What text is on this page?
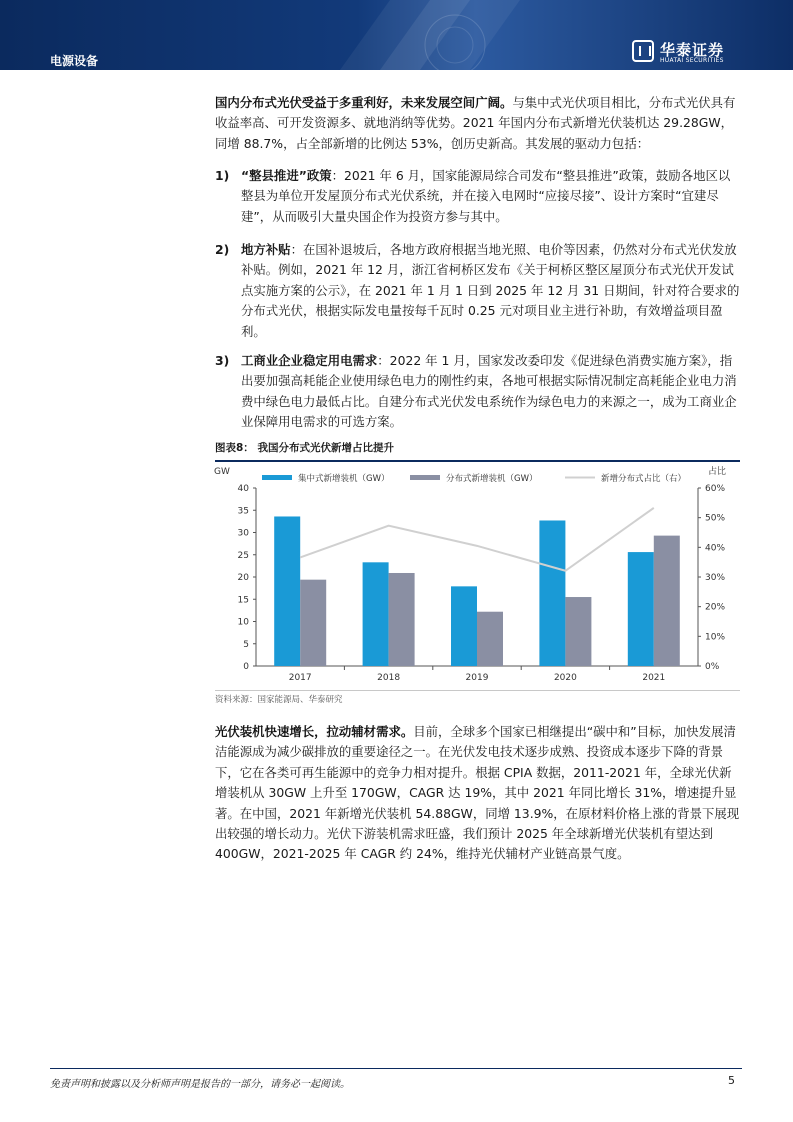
电源设备
华泰证券
HUATAI SECURITIES
国内分布式光伏受益于多重利好，未来发展空间广阔。与集中式光伏项目相比，分布式光伏具有收益率高、可开发资源多、就地消纳等优势。2021 年国内分布式新增光伏装机达 29.28GW，同增 88.7%，占全部新增的比例达 53%，创历史新高。其发展的驱动力包括：
1) “整县推进”政策：2021 年 6 月，国家能源局综合司发布“整县推进”政策，鼓励各地区以整县为单位开发屋顶分布式光伏系统，并在接入电网时“应接尽接”、设计方案时“宜建尽建”，从而吸引大量央国企作为投资方参与其中。
2) 地方补贴：在国补退坡后，各地方政府根据当地光照、电价等因素，仍然对分布式光伏发放补贴。例如，2021 年 12 月，浙江省柯桥区发布《关于柯桥区整区屋顶分布式光伏开发试点实施方案的公示》，在 2021 年 1 月 1 日到 2025 年 12 月 31 日期间，针对符合要求的分布式光伏，根据实际发电量按每千瓦时 0.25 元对项目业主进行补助，有效增益项目盈利。
3) 工商业企业稳定用电需求：2022 年 1 月，国家发改委印发《促进绿色消费实施方案》，指出要加强高耗能企业使用绿色电力的刚性约束，各地可根据实际情况制定高耗能企业电力消费中绿色电力最低占比。自建分布式光伏发电系统作为绿色电力的来源之一，成为工商业企业保障用电需求的可选方案。
图表8： 我国分布式光伏新增占比提升
集中式新增装机（GW）	分布式新增装机（GW）	新增分布式占比（右）
GW	占比
0
5
10
15
20
25
30
35
40
0%
10%
20%
30%
40%
50%
60%
2017	2018	2019	2020	2021
资料来源：国家能源局、华泰研究
光伏装机快速增长，拉动辅材需求。目前，全球多个国家已相继提出“碳中和”目标，加快发展清洁能源成为减少碳排放的重要途径之一。在光伏发电技术逐步成熟、投资成本逐步下降的背景下，它在各类可再生能源中的竞争力相对提升。根据 CPIA 数据，2011-2021 年，全球光伏新增装机从 30GW 上升至 170GW，CAGR 达 19%，其中 2021 年同比增长 31%，增速提升显著。在中国，2021 年新增光伏装机 54.88GW，同增 13.9%，在原材料价格上涨的背景下展现出较强的增长动力。光伏下游装机需求旺盛，我们预计 2025 年全球新增光伏装机有望达到 400GW，2021-2025 年 CAGR 约 24%，维持光伏辅材产业链高景气度。
免责声明和披露以及分析师声明是报告的一部分，请务必一起阅读。	5
